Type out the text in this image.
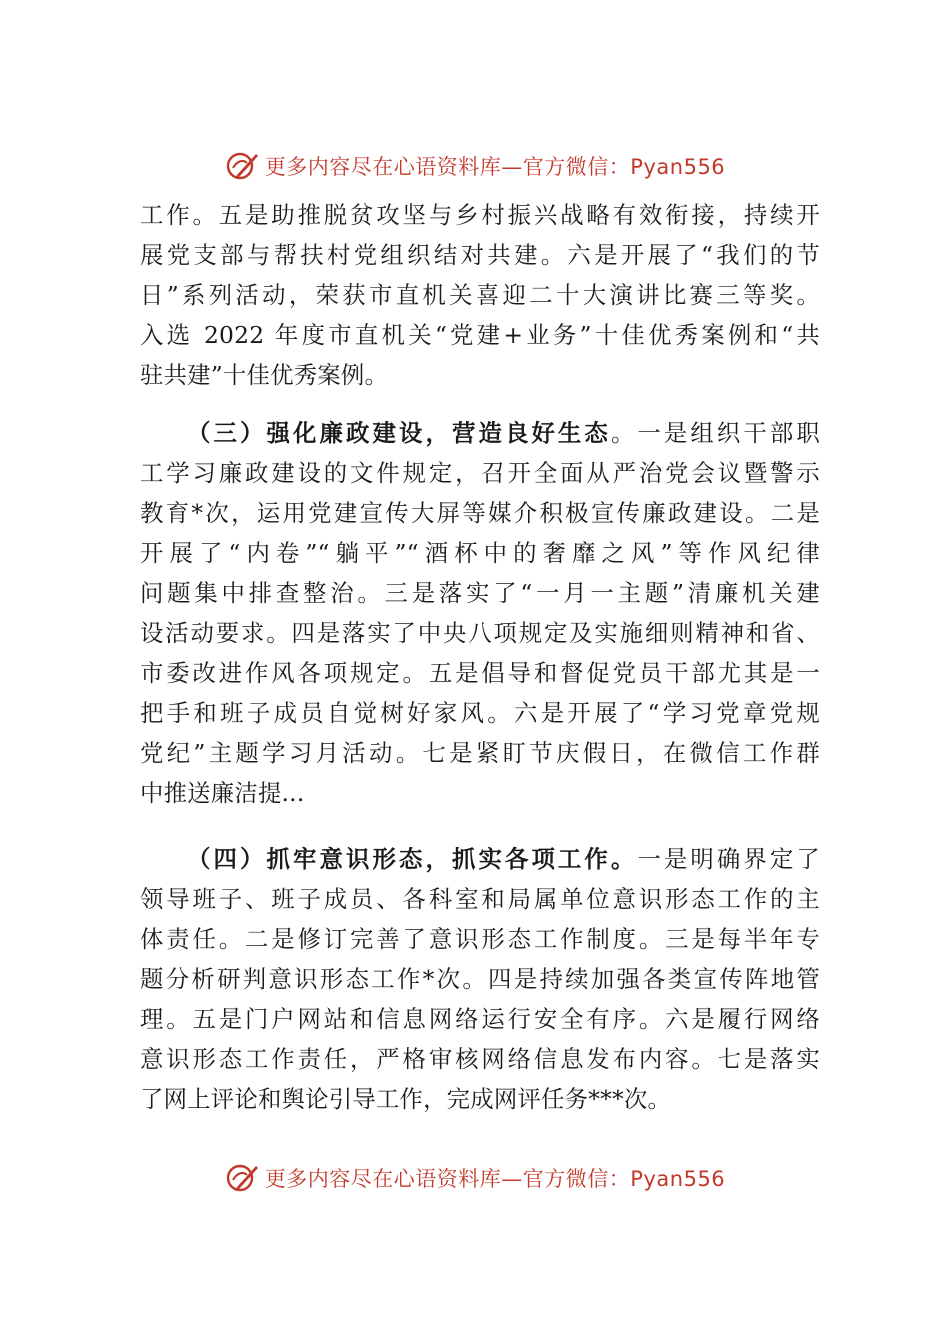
更多内容尽在心语资料库—官方微信：Pyan556
工作。五是助推脱贫攻坚与乡村振兴战略有效衔接，持续开
展党支部与帮扶村党组织结对共建。六是开展了“我们的节
日”系列活动，荣获市直机关喜迎二十大演讲比赛三等奖。
入选 2022 年度市直机关“党建+业务”十佳优秀案例和“共
驻共建”十佳优秀案例。
（三）强化廉政建设，营造良好生态。一是组织干部职
工学习廉政建设的文件规定，召开全面从严治党会议暨警示
教育*次，运用党建宣传大屏等媒介积极宣传廉政建设。二是
开展了“内卷”“躺平”“酒杯中的奢靡之风”等作风纪律
问题集中排查整治。三是落实了“一月一主题”清廉机关建
设活动要求。四是落实了中央八项规定及实施细则精神和省、
市委改进作风各项规定。五是倡导和督促党员干部尤其是一
把手和班子成员自觉树好家风。六是开展了“学习党章党规
党纪”主题学习月活动。七是紧盯节庆假日，在微信工作群
中推送廉洁提...
（四）抓牢意识形态，抓实各项工作。一是明确界定了
领导班子、班子成员、各科室和局属单位意识形态工作的主
体责任。二是修订完善了意识形态工作制度。三是每半年专
题分析研判意识形态工作*次。四是持续加强各类宣传阵地管
理。五是门户网站和信息网络运行安全有序。六是履行网络
意识形态工作责任，严格审核网络信息发布内容。七是落实
了网上评论和舆论引导工作，完成网评任务***次。
更多内容尽在心语资料库—官方微信：Pyan556
